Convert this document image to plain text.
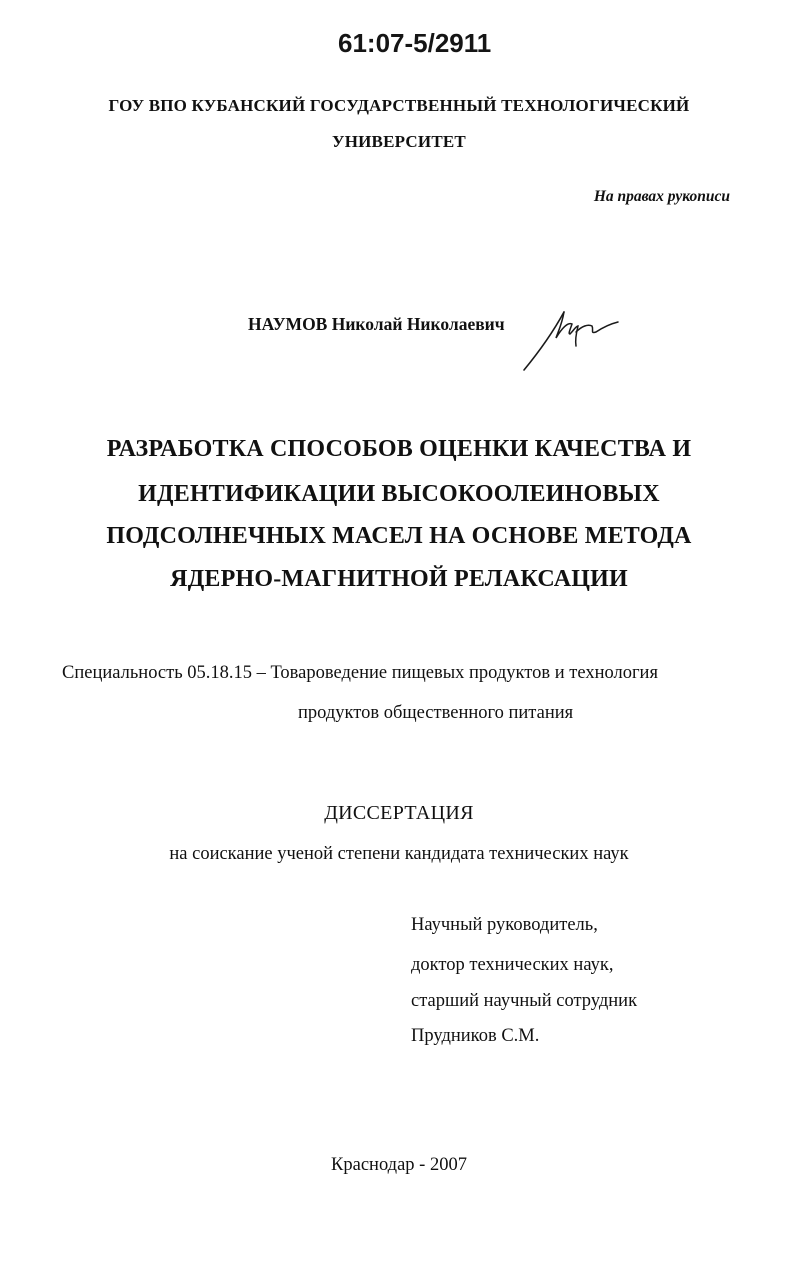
61:07-5/2911
ГОУ ВПО КУБАНСКИЙ ГОСУДАРСТВЕННЫЙ ТЕХНОЛОГИЧЕСКИЙ
УНИВЕРСИТЕТ
На правах рукописи
НАУМОВ Николай Николаевич
РАЗРАБОТКА СПОСОБОВ ОЦЕНКИ КАЧЕСТВА И
ИДЕНТИФИКАЦИИ ВЫСОКООЛЕИНОВЫХ
ПОДСОЛНЕЧНЫХ МАСЕЛ НА ОСНОВЕ МЕТОДА
ЯДЕРНО-МАГНИТНОЙ РЕЛАКСАЦИИ
Специальность 05.18.15 – Товароведение пищевых продуктов и технология
продуктов общественного питания
ДИССЕРТАЦИЯ
на соискание ученой степени кандидата технических наук
Научный руководитель,
доктор технических наук,
старший научный сотрудник
Прудников С.М.
Краснодар - 2007
